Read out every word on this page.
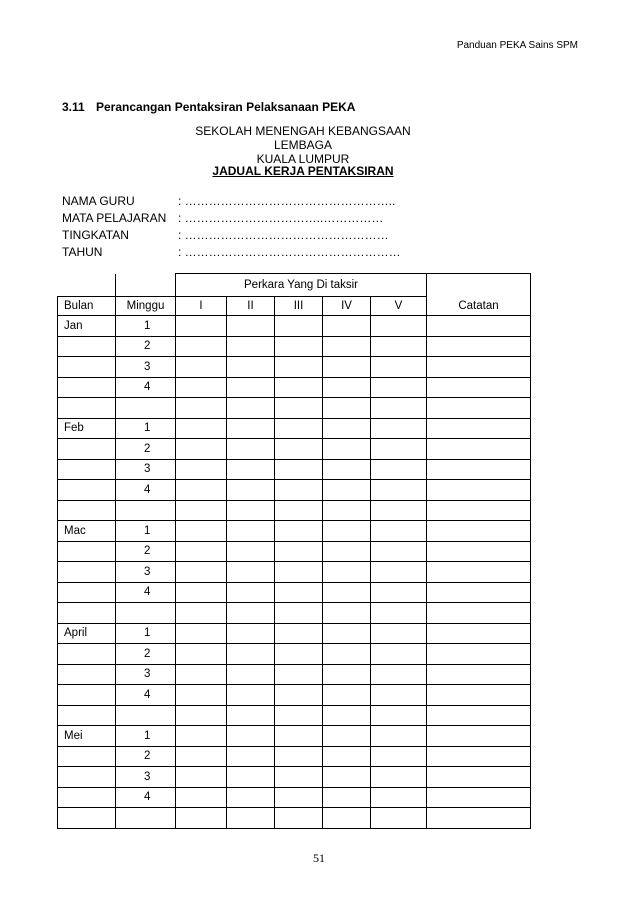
Panduan PEKA Sains SPM
3.11 Perancangan Pentaksiran Pelaksanaan PEKA
SEKOLAH MENENGAH KEBANGSAAN LEMBAGA
KUALA LUMPUR
JADUAL KERJA PENTAKSIRAN
NAMA GURU	: ……………………………………………..
MATA PELAJARAN : ……………………………..……………
TINGKATAN	: ……………………………………………
TAHUN	: ………………………………………………
		Perkara Yang Di taksir					
Bulan	Minggu	I	II	III	IV	V	Catatan
Jan	1						
	2						
	3						
	4						

Feb	1						
	2						
	3						
	4						

Mac	1						
	2						
	3						
	4						

April	1						
	2						
	3						
	4						

Mei	1						
	2						
	3						
	4						

51
